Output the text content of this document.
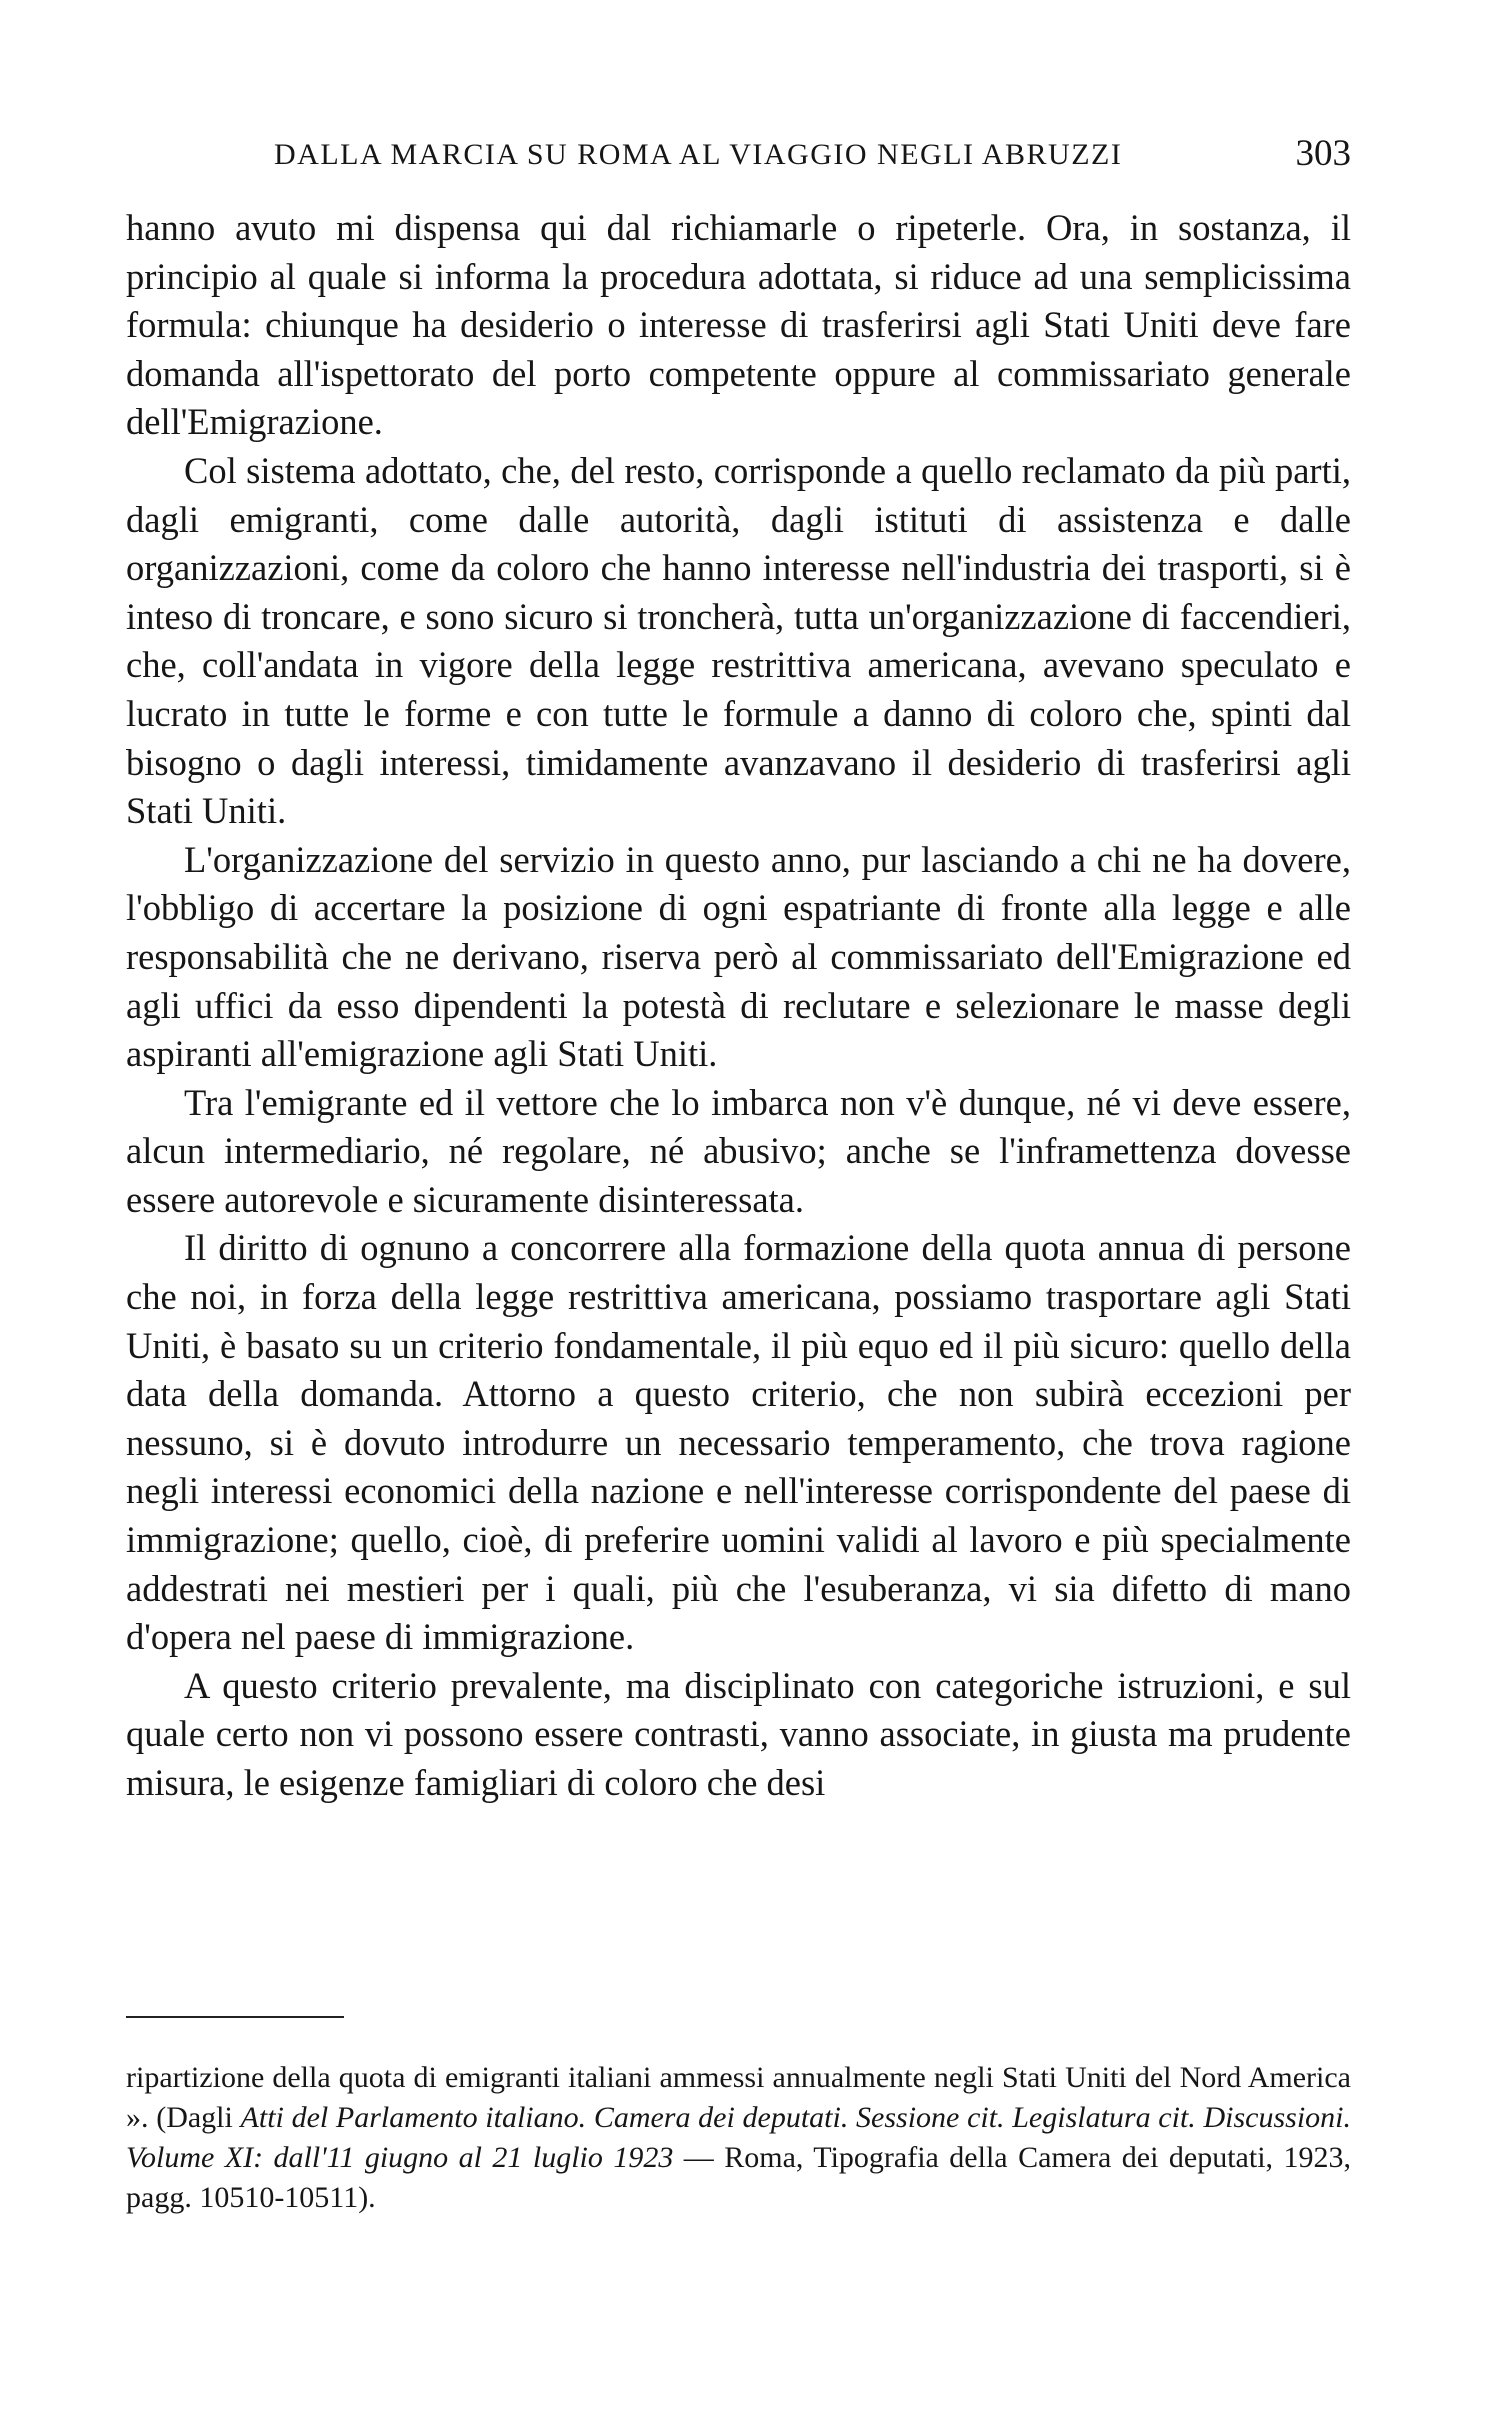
DALLA MARCIA SU ROMA AL VIAGGIO NEGLI ABRUZZI	303

hanno avuto mi dispensa qui dal richiamarle o ripeterle. Ora, in sostanza, il principio al quale si informa la procedura adottata, si riduce ad una semplicissima formula: chiunque ha desiderio o interesse di trasferirsi agli Stati Uniti deve fare domanda all'ispettorato del porto competente oppure al commissariato generale dell'Emigrazione.

Col sistema adottato, che, del resto, corrisponde a quello reclamato da più parti, dagli emigranti, come dalle autorità, dagli istituti di assistenza e dalle organizzazioni, come da coloro che hanno interesse nell'industria dei trasporti, si è inteso di troncare, e sono sicuro si troncherà, tutta un'organizzazione di faccendieri, che, coll'andata in vigore della legge restrittiva americana, avevano speculato e lucrato in tutte le forme e con tutte le formule a danno di coloro che, spinti dal bisogno o dagli interessi, timidamente avanzavano il desiderio di trasferirsi agli Stati Uniti.

L'organizzazione del servizio in questo anno, pur lasciando a chi ne ha dovere, l'obbligo di accertare la posizione di ogni espatriante di fronte alla legge e alle responsabilità che ne derivano, riserva però al commissariato dell'Emigrazione ed agli uffici da esso dipendenti la potestà di reclutare e selezionare le masse degli aspiranti all'emigrazione agli Stati Uniti.

Tra l'emigrante ed il vettore che lo imbarca non v'è dunque, né vi deve essere, alcun intermediario, né regolare, né abusivo; anche se l'inframettenza dovesse essere autorevole e sicuramente disinteressata.

Il diritto di ognuno a concorrere alla formazione della quota annua di persone che noi, in forza della legge restrittiva americana, possiamo trasportare agli Stati Uniti, è basato su un criterio fondamentale, il più equo ed il più sicuro: quello della data della domanda. Attorno a questo criterio, che non subirà eccezioni per nessuno, si è dovuto introdurre un necessario temperamento, che trova ragione negli interessi economici della nazione e nell'interesse corrispondente del paese di immigrazione; quello, cioè, di preferire uomini validi al lavoro e più specialmente addestrati nei mestieri per i quali, più che l'esuberanza, vi sia difetto di mano d'opera nel paese di immigrazione.

A questo criterio prevalente, ma disciplinato con categoriche istruzioni, e sul quale certo non vi possono essere contrasti, vanno associate, in giusta ma prudente misura, le esigenze famigliari di coloro che desi

ripartizione della quota di emigranti italiani ammessi annualmente negli Stati Uniti del Nord America ». (Dagli Atti del Parlamento italiano. Camera dei deputati. Sessione cit. Legislatura cit. Discussioni. Volume XI: dall'11 giugno al 21 luglio 1923 — Roma, Tipografia della Camera dei deputati, 1923, pagg. 10510-10511).
